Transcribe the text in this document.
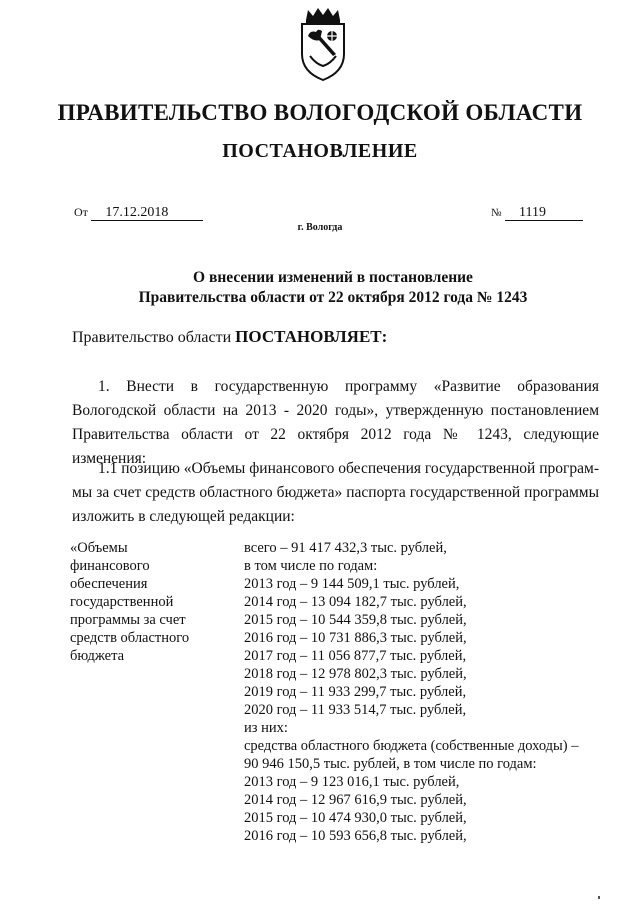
ПРАВИТЕЛЬСТВО ВОЛОГОДСКОЙ ОБЛАСТИ
ПОСТАНОВЛЕНИЕ
От 17.12.2018	№ 1119
г. Вологда
О внесении изменений в постановление
Правительства области от 22 октября 2012 года № 1243
Правительство области ПОСТАНОВЛЯЕТ:
1. Внести в государственную программу «Развитие образования
Вологодской области на 2013 - 2020 годы», утвержденную постановлением Правительства области от 22 октября 2012 года № 1243, следующие изменения:
1.1 позицию «Объемы финансового обеспечения государственной програм-
мы за счет средств областного бюджета» паспорта государственной программы изложить в следующей редакции:
«Объемы
финансового
обеспечения
государственной
программы за счет
средств областного
бюджета
всего – 91 417 432,3 тыс. рублей,
в том числе по годам:
2013 год – 9 144 509,1 тыс. рублей,
2014 год – 13 094 182,7 тыс. рублей,
2015 год – 10 544 359,8 тыс. рублей,
2016 год – 10 731 886,3 тыс. рублей,
2017 год – 11 056 877,7 тыс. рублей,
2018 год – 12 978 802,3 тыс. рублей,
2019 год – 11 933 299,7 тыс. рублей,
2020 год – 11 933 514,7 тыс. рублей,
из них:
средства областного бюджета (собственные доходы) –
90 946 150,5 тыс. рублей, в том числе по годам:
2013 год – 9 123 016,1 тыс. рублей,
2014 год – 12 967 616,9 тыс. рублей,
2015 год – 10 474 930,0 тыс. рублей,
2016 год – 10 593 656,8 тыс. рублей,
